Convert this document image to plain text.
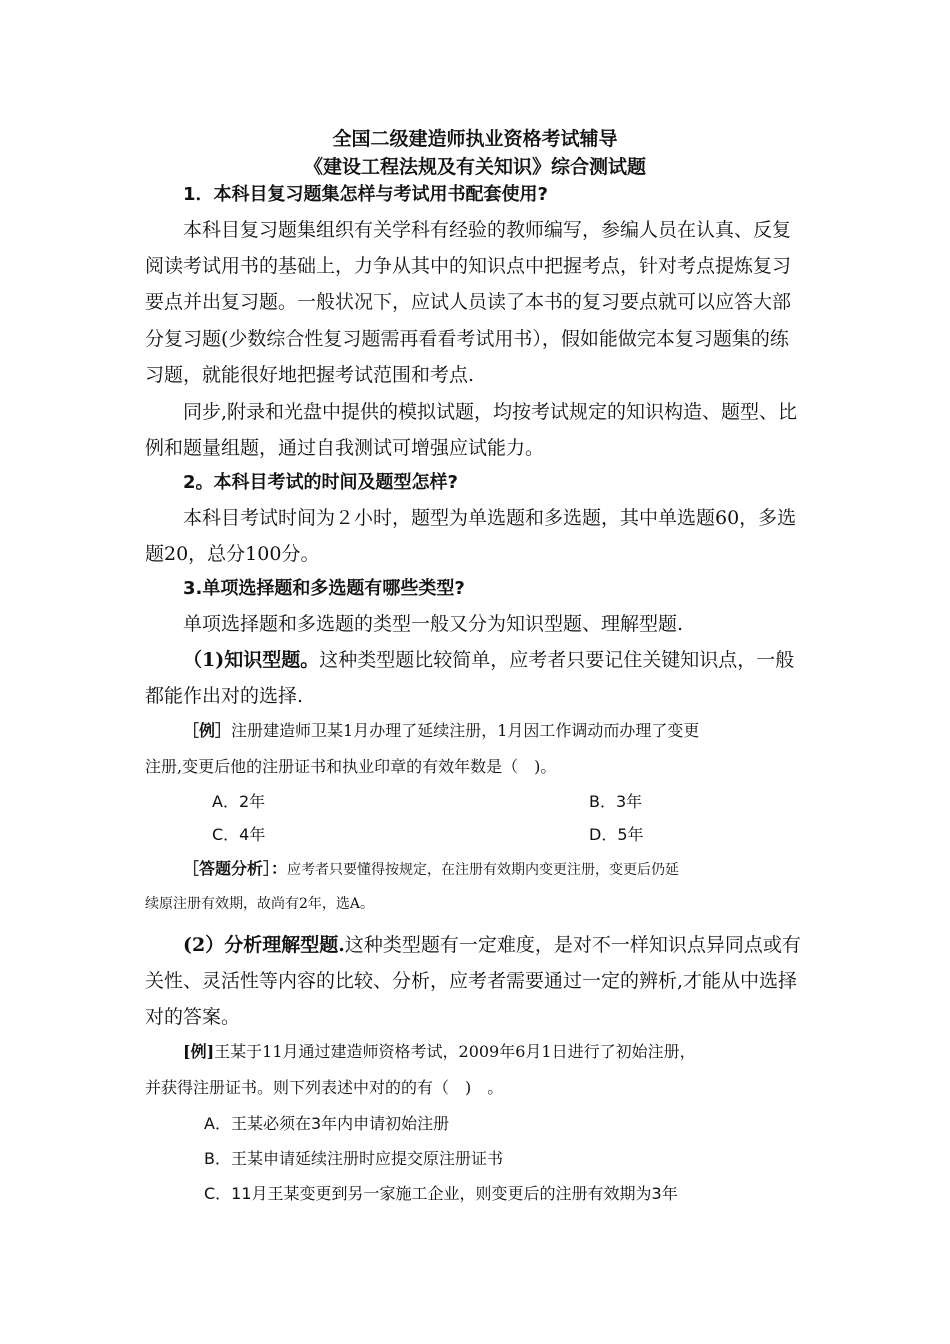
全国二级建造师执业资格考试辅导
《建设工程法规及有关知识》综合测试题
1．本科目复习题集怎样与考试用书配套使用?
本科目复习题集组织有关学科有经验的教师编写，参编人员在认真、反复
阅读考试用书的基础上，力争从其中的知识点中把握考点，针对考点提炼复习
要点并出复习题。一般状况下，应试人员读了本书的复习要点就可以应答大部
分复习题(少数综合性复习题需再看看考试用书），假如能做完本复习题集的练
习题，就能很好地把握考试范围和考点.
同步,附录和光盘中提供的模拟试题，均按考试规定的知识构造、题型、比
例和题量组题，通过自我测试可增强应试能力。
2。本科目考试的时间及题型怎样?
本科目考试时间为２小时，题型为单选题和多选题，其中单选题60，多选
题20，总分100分。
3.单项选择题和多选题有哪些类型?
单项选择题和多选题的类型一般又分为知识型题、理解型题.
（1)知识型题。这种类型题比较简单，应考者只要记住关键知识点，一般
都能作出对的选择.
［例］注册建造师卫某1月办理了延续注册，1月因工作调动而办理了变更
注册,变更后他的注册证书和执业印章的有效年数是（　)。
A．2年	B．3年
C．4年	D．5年
［答题分析］：应考者只要懂得按规定，在注册有效期内变更注册，变更后仍延
续原注册有效期，故尚有2年，选A。
(2）分析理解型题.这种类型题有一定难度，是对不一样知识点异同点或有
关性、灵活性等内容的比较、分析，应考者需要通过一定的辨析,才能从中选择
对的答案。
[例]王某于11月通过建造师资格考试，2009年6月1日进行了初始注册，
并获得注册证书。则下列表述中对的的有（　)　。
A．王某必须在3年内申请初始注册
B．王某申请延续注册时应提交原注册证书
C．11月王某变更到另一家施工企业，则变更后的注册有效期为3年
